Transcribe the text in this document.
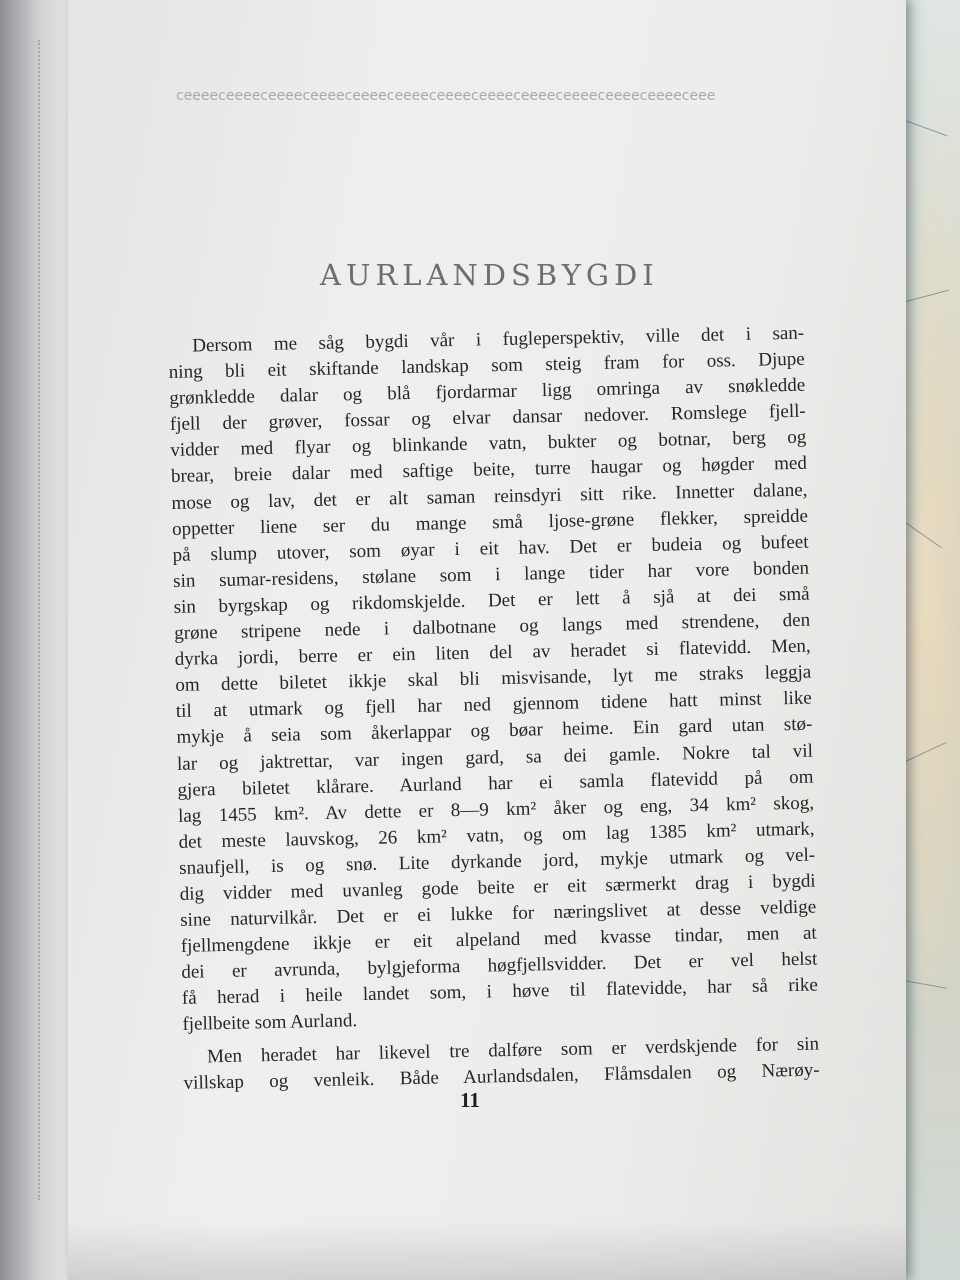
ceeeeceeeeceeeeceeeeceeeeceeeeceeeeceeeeceeeeceeeeceeeeceeeeceee
AURLANDSBYGDI
Dersom me såg bygdi vår i fugleperspektiv, ville det i san-
ning bli eit skiftande landskap som steig fram for oss. Djupe
grønkledde dalar og blå fjordarmar ligg omringa av snøkledde
fjell der grøver, fossar og elvar dansar nedover. Romslege fjell-
vidder med flyar og blinkande vatn, bukter og botnar, berg og
brear, breie dalar med saftige beite, turre haugar og høgder med
mose og lav, det er alt saman reinsdyri sitt rike. Innetter dalane,
oppetter liene ser du mange små ljose-grøne flekker, spreidde
på slump utover, som øyar i eit hav. Det er budeia og bufeet
sin sumar-residens, stølane som i lange tider har vore bonden
sin byrgskap og rikdomskjelde. Det er lett å sjå at dei små
grøne stripene nede i dalbotnane og langs med strendene, den
dyrka jordi, berre er ein liten del av heradet si flatevidd. Men,
om dette biletet ikkje skal bli misvisande, lyt me straks leggja
til at utmark og fjell har ned gjennom tidene hatt minst like
mykje å seia som åkerlappar og bøar heime. Ein gard utan stø-
lar og jaktrettar, var ingen gard, sa dei gamle. Nokre tal vil
gjera biletet klårare. Aurland har ei samla flatevidd på om
lag 1455 km². Av dette er 8—9 km² åker og eng, 34 km² skog,
det meste lauvskog, 26 km² vatn, og om lag 1385 km² utmark,
snaufjell, is og snø. Lite dyrkande jord, mykje utmark og vel-
dig vidder med uvanleg gode beite er eit særmerkt drag i bygdi
sine naturvilkår. Det er ei lukke for næringslivet at desse veldige
fjellmengdene ikkje er eit alpeland med kvasse tindar, men at
dei er avrunda, bylgjeforma høgfjellsvidder. Det er vel helst
få herad i heile landet som, i høve til flatevidde, har så rike
fjellbeite som Aurland.
Men heradet har likevel tre dalføre som er verdskjende for sin
villskap og venleik. Både Aurlandsdalen, Flåmsdalen og Nærøy-
11
